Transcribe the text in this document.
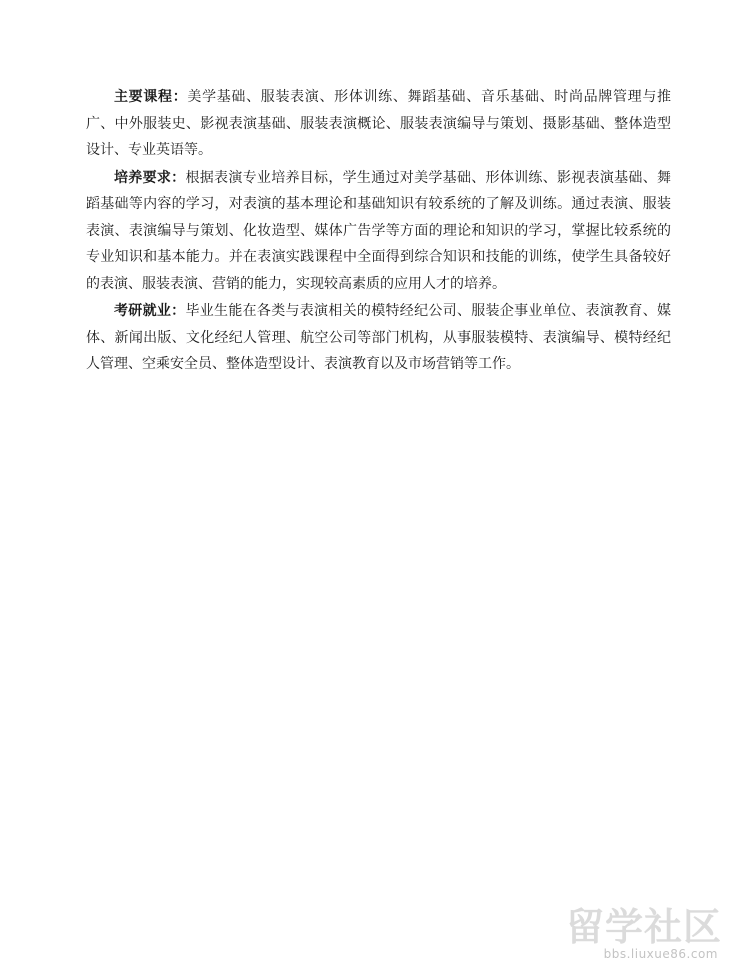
主要课程：美学基础、服装表演、形体训练、舞蹈基础、音乐基础、时尚品牌管理与推广、中外服装史、影视表演基础、服装表演概论、服装表演编导与策划、摄影基础、整体造型设计、专业英语等。

培养要求：根据表演专业培养目标，学生通过对美学基础、形体训练、影视表演基础、舞蹈基础等内容的学习，对表演的基本理论和基础知识有较系统的了解及训练。通过表演、服装表演、表演编导与策划、化妆造型、媒体广告学等方面的理论和知识的学习，掌握比较系统的专业知识和基本能力。并在表演实践课程中全面得到综合知识和技能的训练，使学生具备较好的表演、服装表演、营销的能力，实现较高素质的应用人才的培养。

考研就业：毕业生能在各类与表演相关的模特经纪公司、服装企事业单位、表演教育、媒体、新闻出版、文化经纪人管理、航空公司等部门机构，从事服装模特、表演编导、模特经纪人管理、空乘安全员、整体造型设计、表演教育以及市场营销等工作。

留学社区
bbs.liuxue86.com
